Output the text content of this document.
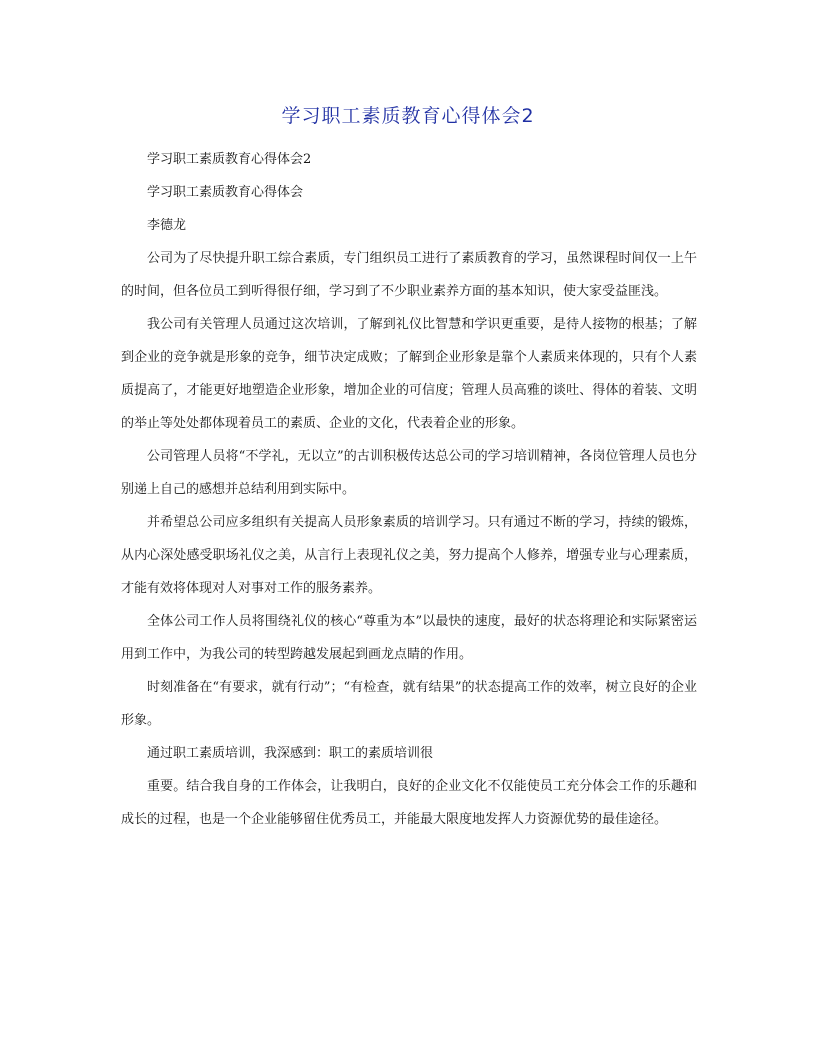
学习职工素质教育心得体会2

学习职工素质教育心得体会2

学习职工素质教育心得体会

李德龙

公司为了尽快提升职工综合素质，专门组织员工进行了素质教育的学习，虽然课程时间仅一上午的时间，但各位员工到听得很仔细，学习到了不少职业素养方面的基本知识，使大家受益匪浅。

我公司有关管理人员通过这次培训，了解到礼仪比智慧和学识更重要，是待人接物的根基；了解到企业的竞争就是形象的竞争，细节决定成败；了解到企业形象是靠个人素质来体现的，只有个人素质提高了，才能更好地塑造企业形象，增加企业的可信度；管理人员高雅的谈吐、得体的着装、文明的举止等处处都体现着员工的素质、企业的文化，代表着企业的形象。

公司管理人员将“不学礼，无以立”的古训积极传达总公司的学习培训精神，各岗位管理人员也分别递上自己的感想并总结利用到实际中。

并希望总公司应多组织有关提高人员形象素质的培训学习。只有通过不断的学习，持续的锻炼，从内心深处感受职场礼仪之美，从言行上表现礼仪之美，努力提高个人修养，增强专业与心理素质，才能有效将体现对人对事对工作的服务素养。

全体公司工作人员将围绕礼仪的核心“尊重为本”以最快的速度，最好的状态将理论和实际紧密运用到工作中，为我公司的转型跨越发展起到画龙点睛的作用。

时刻准备在“有要求，就有行动”；“有检查，就有结果”的状态提高工作的效率，树立良好的企业形象。

通过职工素质培训，我深感到：职工的素质培训很

重要。结合我自身的工作体会，让我明白，良好的企业文化不仅能使员工充分体会工作的乐趣和成长的过程，也是一个企业能够留住优秀员工，并能最大限度地发挥人力资源优势的最佳途径。
